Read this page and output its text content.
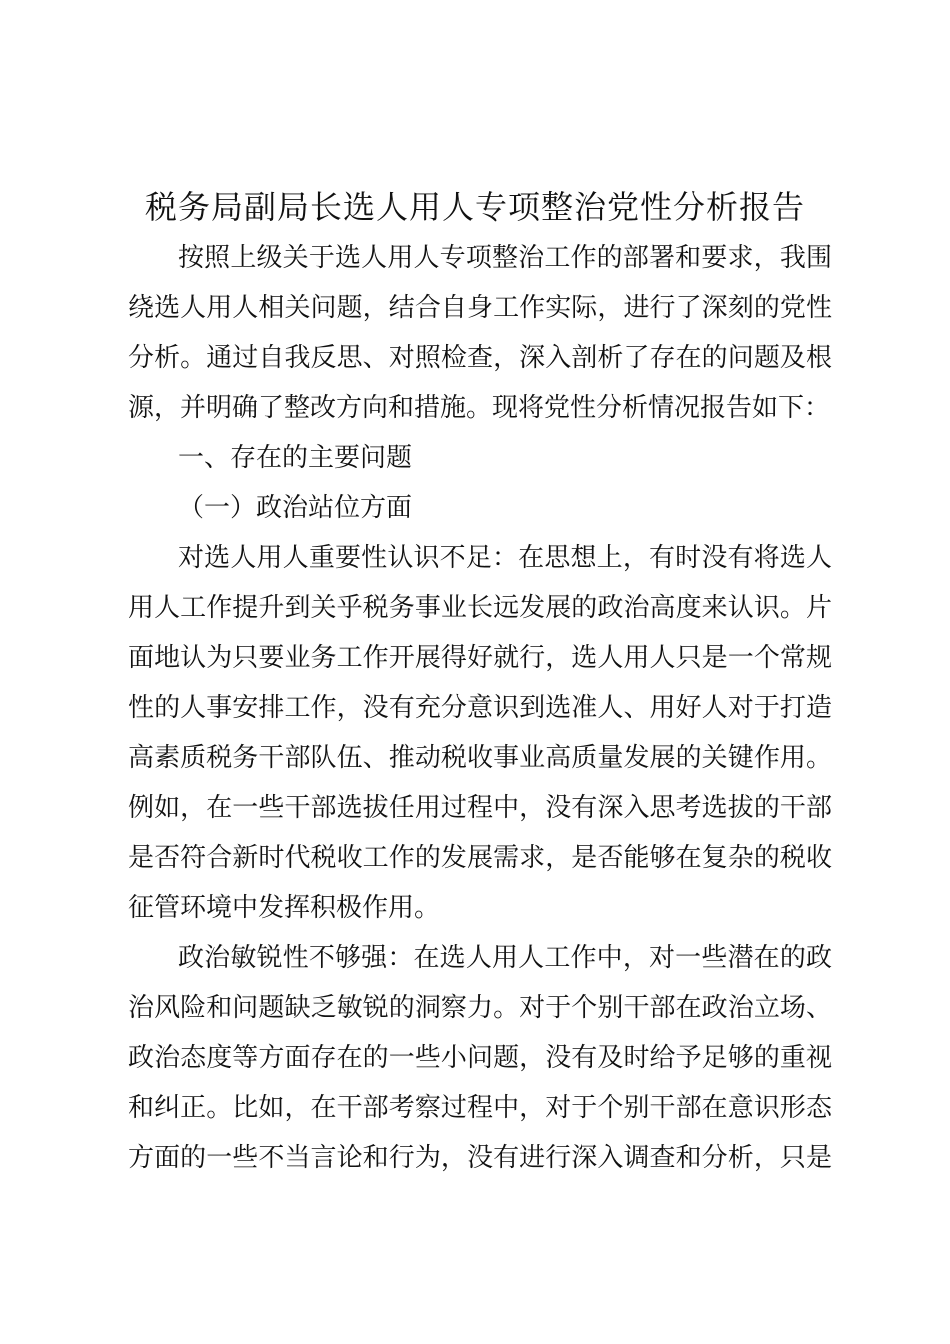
税务局副局长选人用人专项整治党性分析报告

按照上级关于选人用人专项整治工作的部署和要求，我围

绕选人用人相关问题，结合自身工作实际，进行了深刻的党性

分析。通过自我反思、对照检查，深入剖析了存在的问题及根

源，并明确了整改方向和措施。现将党性分析情况报告如下：

一、存在的主要问题

（一）政治站位方面

对选人用人重要性认识不足：在思想上，有时没有将选人

用人工作提升到关乎税务事业长远发展的政治高度来认识。片

面地认为只要业务工作开展得好就行，选人用人只是一个常规

性的人事安排工作，没有充分意识到选准人、用好人对于打造

高素质税务干部队伍、推动税收事业高质量发展的关键作用。

例如，在一些干部选拔任用过程中，没有深入思考选拔的干部

是否符合新时代税收工作的发展需求，是否能够在复杂的税收

征管环境中发挥积极作用。

政治敏锐性不够强：在选人用人工作中，对一些潜在的政

治风险和问题缺乏敏锐的洞察力。对于个别干部在政治立场、

政治态度等方面存在的一些小问题，没有及时给予足够的重视

和纠正。比如，在干部考察过程中，对于个别干部在意识形态

方面的一些不当言论和行为，没有进行深入调查和分析，只是
